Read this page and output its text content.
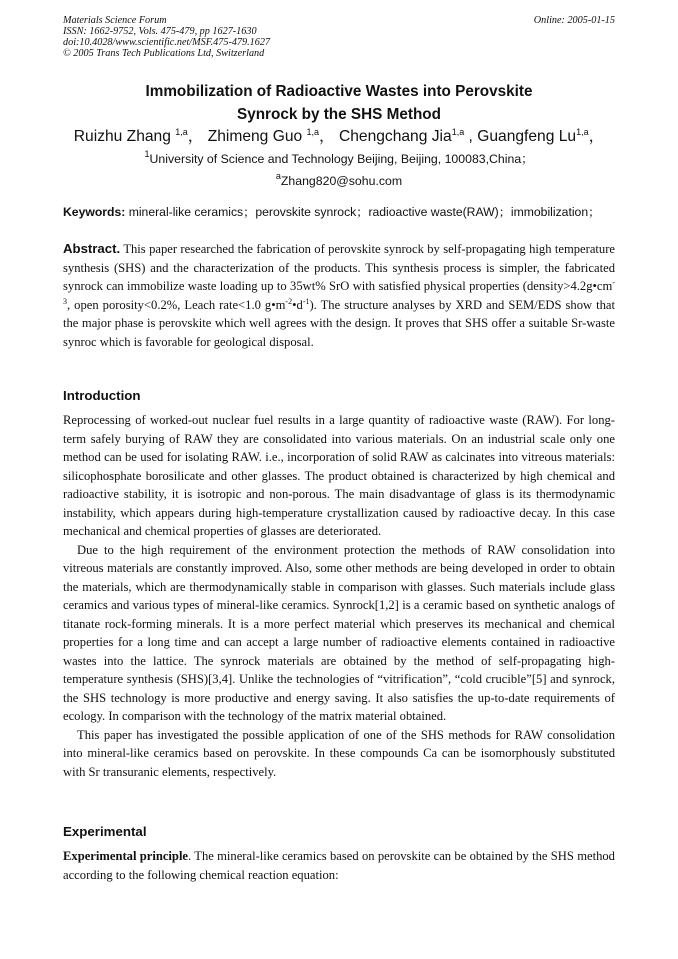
Materials Science Forum
ISSN: 1662-9752, Vols. 475-479, pp 1627-1630
doi:10.4028/www.scientific.net/MSF.475-479.1627
© 2005 Trans Tech Publications Ltd, Switzerland
Online: 2005-01-15
Immobilization of Radioactive Wastes into Perovskite
Synrock by the SHS Method
Ruizhu Zhang $^{1,a}$， Zhimeng Guo $^{1,a}$， Chengchang Jia$^{1,a}$ , Guangfeng Lu$^{1,a}$，
$^1$University of Science and Technology Beijing, Beijing, 100083,China；
$^a$Zhang820@sohu.com
Keywords: mineral-like ceramics；perovskite synrock；radioactive waste(RAW)；immobilization；
Abstract. This paper researched the fabrication of perovskite synrock by self-propagating high temperature synthesis (SHS) and the characterization of the products. This synthesis process is simpler, the fabricated synrock can immobilize waste loading up to 35wt% SrO with satisfied physical properties ($density>4.2g•cm^{-3}$, open porosity<0.2%, Leach rate<1.0 $g•m^{-2}•d^{-1}$). The structure analyses by XRD and SEM/EDS show that the major phase is perovskite which well agrees with the design. It proves that SHS offer a suitable Sr-waste synroc which is favorable for geological disposal.
Introduction
Reprocessing of worked-out nuclear fuel results in a large quantity of radioactive waste (RAW). For long-term safely burying of RAW they are consolidated into various materials. On an industrial scale only one method can be used for isolating RAW. i.e., incorporation of solid RAW as calcinates into vitreous materials: silicophosphate borosilicate and other glasses. The product obtained is characterized by high chemical and radioactive stability, it is isotropic and non-porous. The main disadvantage of glass is its thermodynamic instability, which appears during high-temperature crystallization caused by radioactive decay. In this case mechanical and chemical properties of glasses are deteriorated.
Due to the high requirement of the environment protection the methods of RAW consolidation into vitreous materials are constantly improved. Also, some other methods are being developed in order to obtain the materials, which are thermodynamically stable in comparison with glasses. Such materials include glass ceramics and various types of mineral-like ceramics. Synrock[1,2] is a ceramic based on synthetic analogs of titanate rock-forming minerals. It is a more perfect material which preserves its mechanical and chemical properties for a long time and can accept a large number of radioactive elements contained in radioactive wastes into the lattice. The synrock materials are obtained by the method of self-propagating high-temperature synthesis (SHS)[3,4]. Unlike the technologies of “vitrification”, “cold crucible”[5] and synrock, the SHS technology is more productive and energy saving. It also satisfies the up-to-date requirements of ecology. In comparison with the technology of the matrix material obtained.
This paper has investigated the possible application of one of the SHS methods for RAW consolidation into mineral-like ceramics based on perovskite. In these compounds Ca can be isomorphously substituted with Sr transuranic elements, respectively.
Experimental
Experimental principle. The mineral-like ceramics based on perovskite can be obtained by the SHS method according to the following chemical reaction equation:
